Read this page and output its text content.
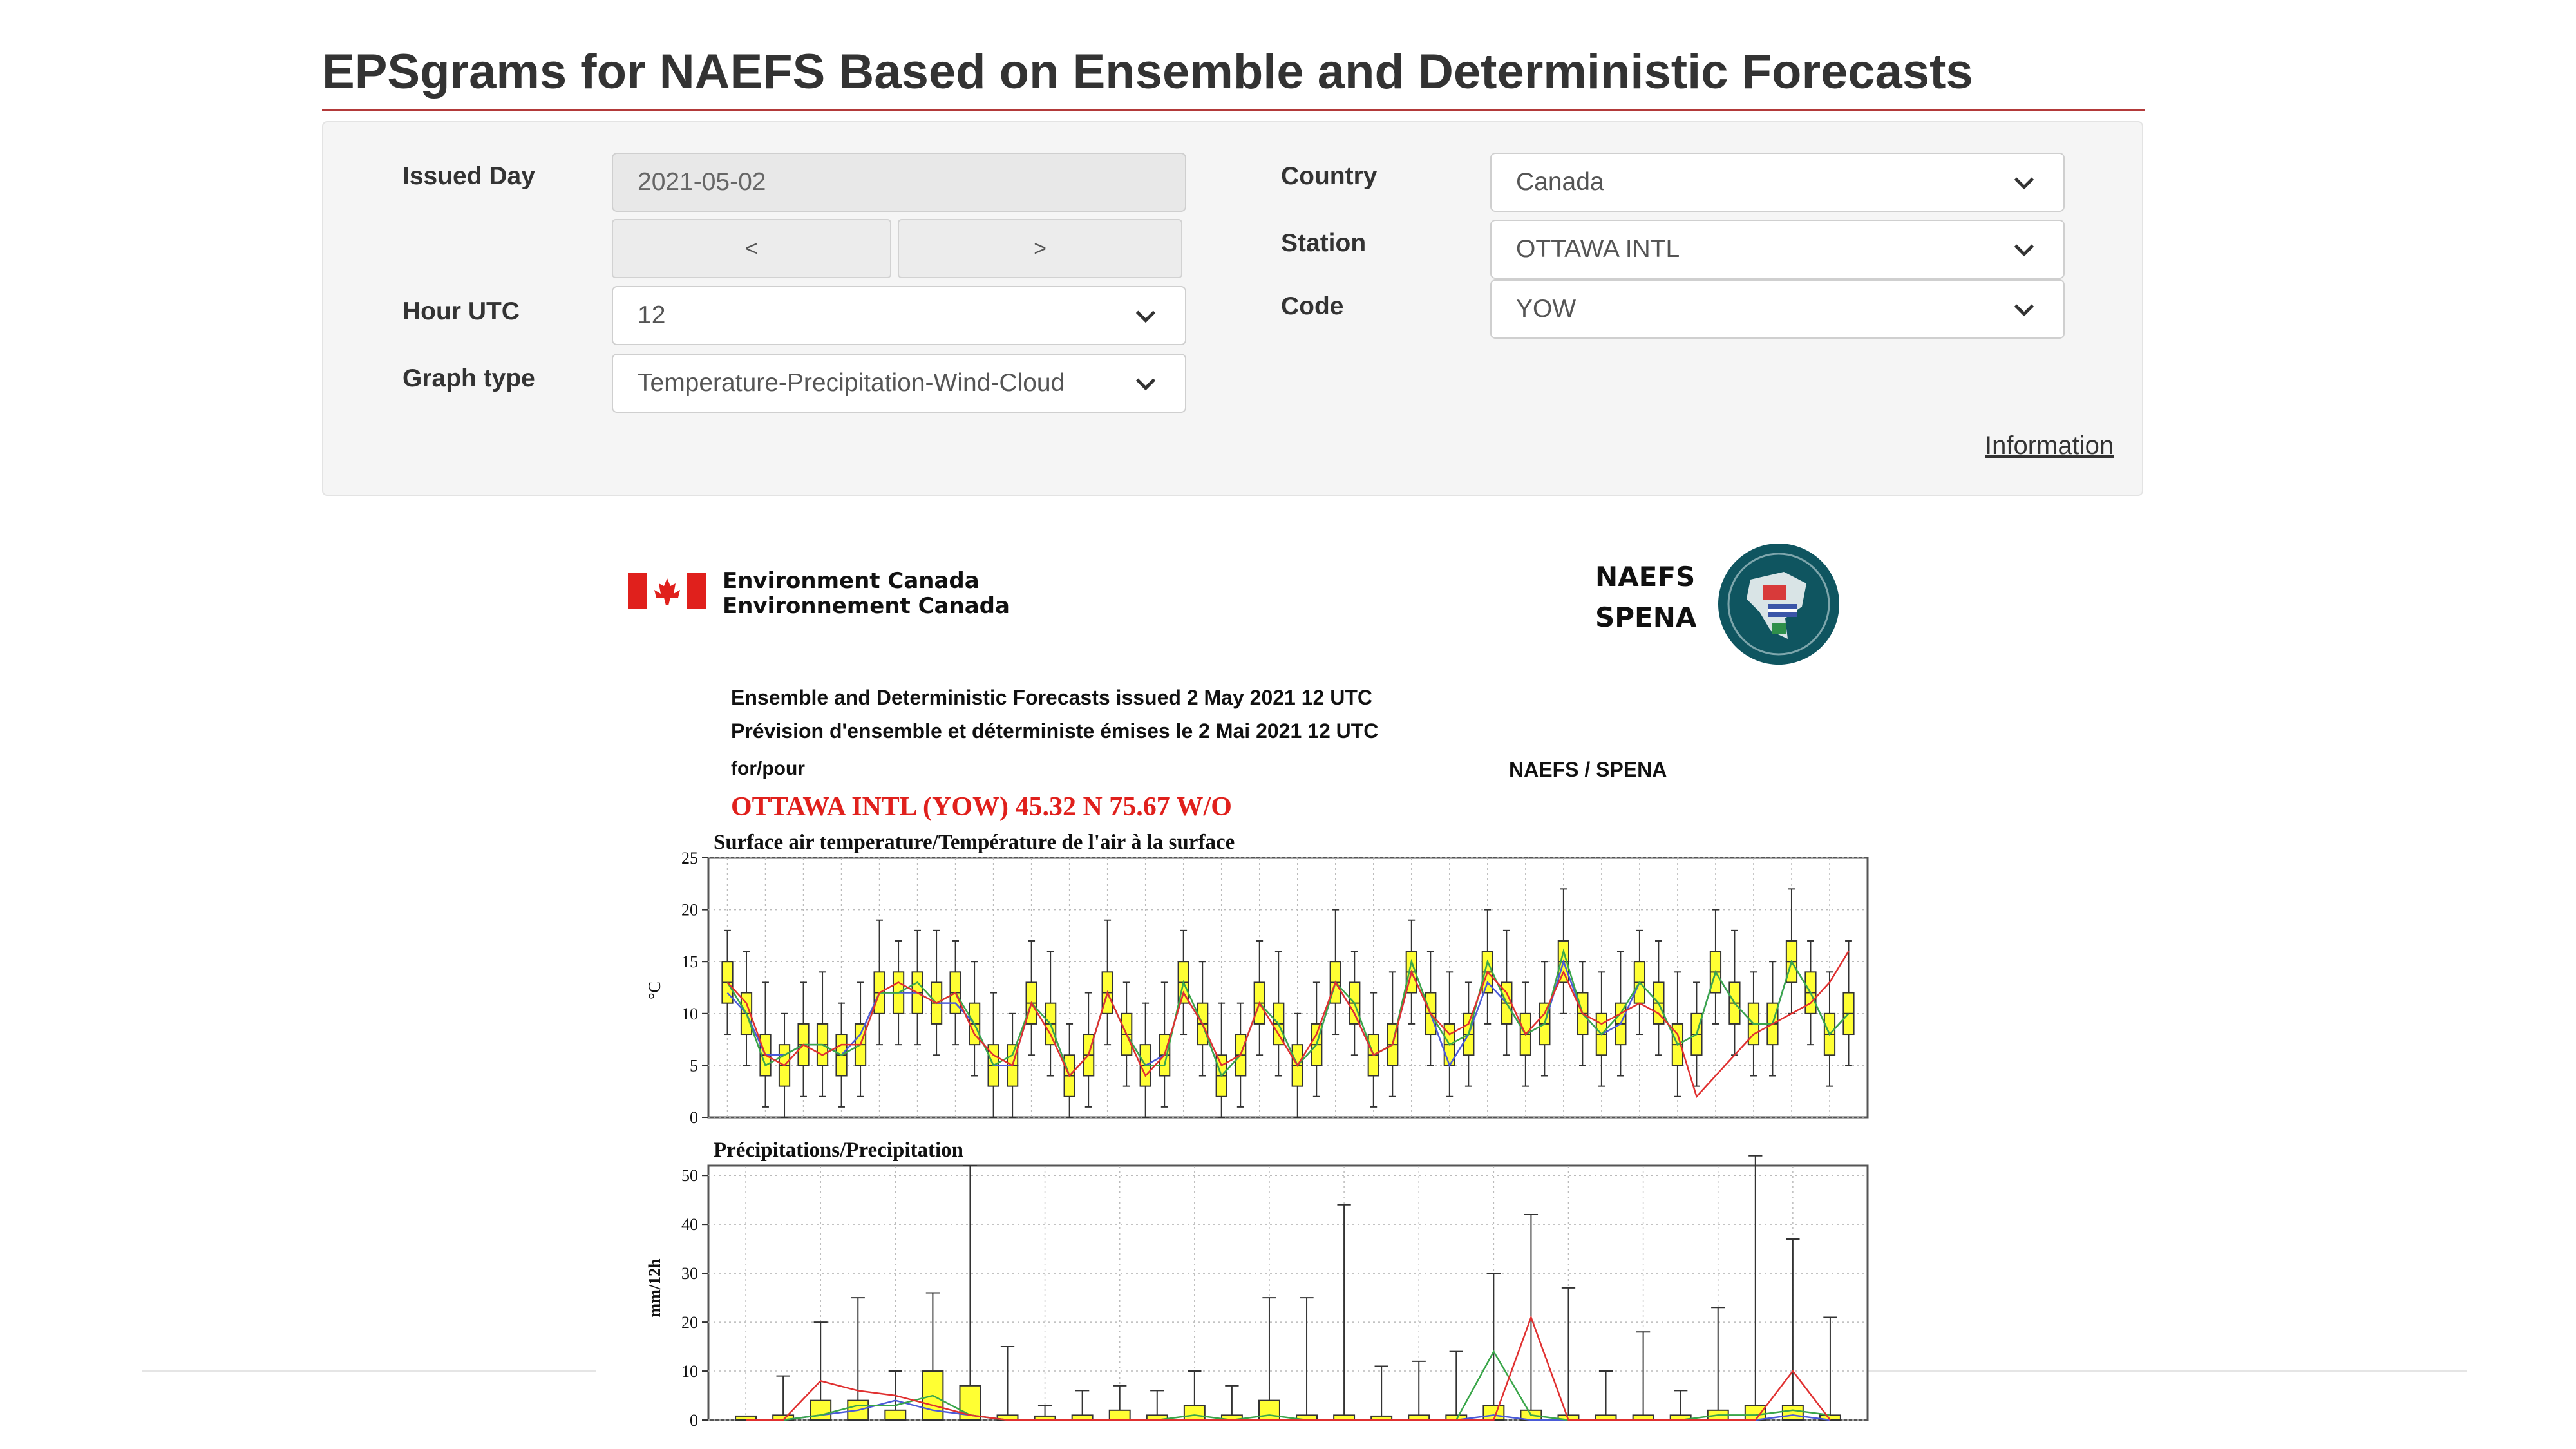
EPSgrams for NAEFS Based on Ensemble and Deterministic Forecasts
Issued Day	2021-05-02
<	>
Hour UTC	12
Graph type	Temperature-Precipitation-Wind-Cloud
Country	Canada
Station	OTTAWA INTL
Code	YOW
Information
Environment Canada
Environnement Canada
NAEFS
SPENA
Ensemble and Deterministic Forecasts issued 2 May 2021 12 UTC
Prévision d'ensemble et déterministe émises le 2 Mai 2021 12 UTC
for/pour	NAEFS / SPENA
OTTAWA INTL (YOW) 45.32 N 75.67 W/O
Surface air temperature/Température de l'air à la surface
°C
0
5
10
15
20
25
Précipitations/Precipitation
mm/12h
0
10
20
30
40
50
